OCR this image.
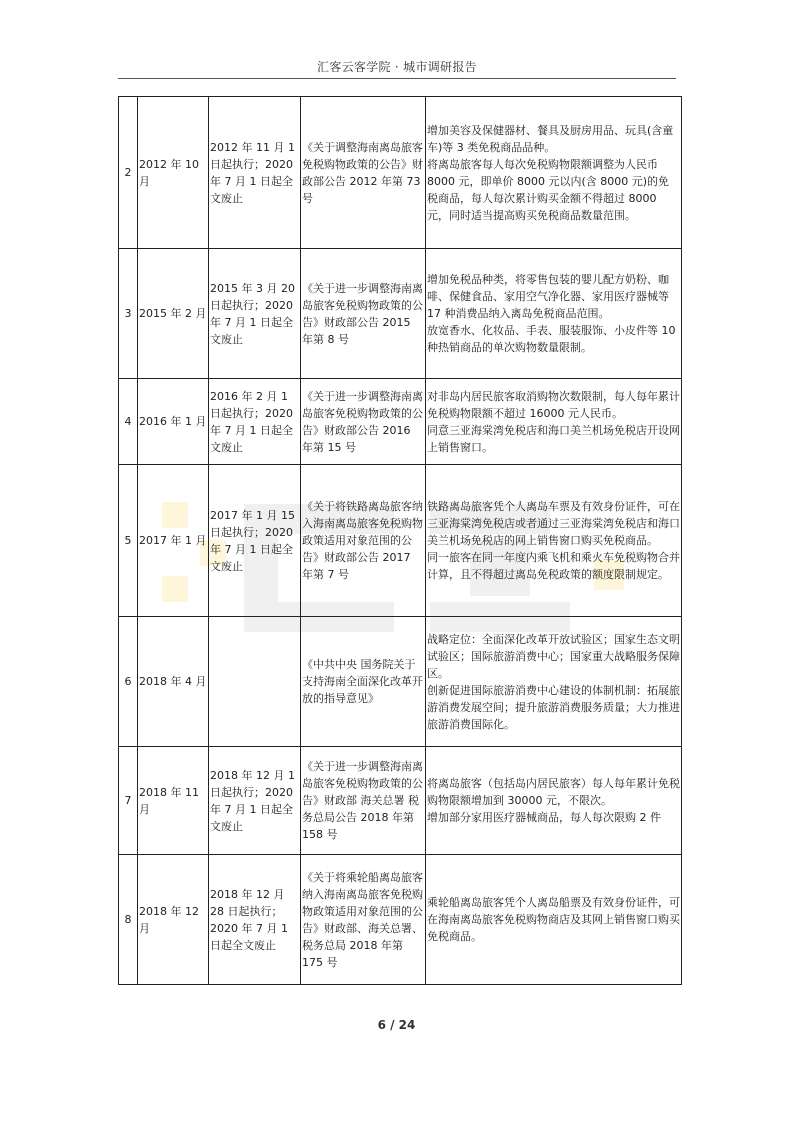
汇客云客学院 · 城市调研报告
2	2012 年 10 月	2012 年 11 月 1 日起执行；2020 年 7 月 1 日起全文废止	《关于调整海南离岛旅客免税购物政策的公告》财政部公告 2012 年第 73 号	增加美容及保健器材、餐具及厨房用品、玩具(含童车)等 3 类免税商品品种。
将离岛旅客每人每次免税购物限额调整为人民币 8000 元，即单价 8000 元以内(含 8000 元)的免税商品，每人每次累计购买金额不得超过 8000 元，同时适当提高购买免税商品数量范围。

3	2015 年 2 月	2015 年 3 月 20 日起执行；2020 年 7 月 1 日起全文废止	《关于进一步调整海南离岛旅客免税购物政策的公告》财政部公告 2015 年第 8 号	增加免税品种类，将零售包装的婴儿配方奶粉、咖啡、保健食品、家用空气净化器、家用医疗器械等 17 种消费品纳入离岛免税商品范围。
放宽香水、化妆品、手表、服装服饰、小皮件等 10 种热销商品的单次购物数量限制。

4	2016 年 1 月	2016 年 2 月 1 日起执行；2020 年 7 月 1 日起全文废止	《关于进一步调整海南离岛旅客免税购物政策的公告》财政部公告 2016 年第 15 号	对非岛内居民旅客取消购物次数限制，每人每年累计免税购物限额不超过 16000 元人民币。
同意三亚海棠湾免税店和海口美兰机场免税店开设网上销售窗口。

5	2017 年 1 月	2017 年 1 月 15 日起执行；2020 年 7 月 1 日起全文废止	《关于将铁路离岛旅客纳入海南离岛旅客免税购物政策适用对象范围的公告》财政部公告 2017 年第 7 号	铁路离岛旅客凭个人离岛车票及有效身份证件，可在三亚海棠湾免税店或者通过三亚海棠湾免税店和海口美兰机场免税店的网上销售窗口购买免税商品。
同一旅客在同一年度内乘飞机和乘火车免税购物合并计算，且不得超过离岛免税政策的额度限制规定。

6	2018 年 4 月		《中共中央 国务院关于支持海南全面深化改革开放的指导意见》	战略定位：全面深化改革开放试验区；国家生态文明试验区；国际旅游消费中心；国家重大战略服务保障区。
创新促进国际旅游消费中心建设的体制机制：拓展旅游消费发展空间；提升旅游消费服务质量；大力推进旅游消费国际化。

7	2018 年 11 月	2018 年 12 月 1 日起执行；2020 年 7 月 1 日起全文废止	《关于进一步调整海南离岛旅客免税购物政策的公告》财政部 海关总署 税务总局公告 2018 年第 158 号	将离岛旅客（包括岛内居民旅客）每人每年累计免税购物限额增加到 30000 元，不限次。
增加部分家用医疗器械商品，每人每次限购 2 件

8	2018 年 12 月	2018 年 12 月 28 日起执行；2020 年 7 月 1 日起全文废止	《关于将乘轮船离岛旅客纳入海南离岛旅客免税购物政策适用对象范围的公告》财政部、海关总署、税务总局 2018 年第 175 号	乘轮船离岛旅客凭个人离岛船票及有效身份证件，可在海南离岛旅客免税购物商店及其网上销售窗口购买免税商品。
6 / 24
